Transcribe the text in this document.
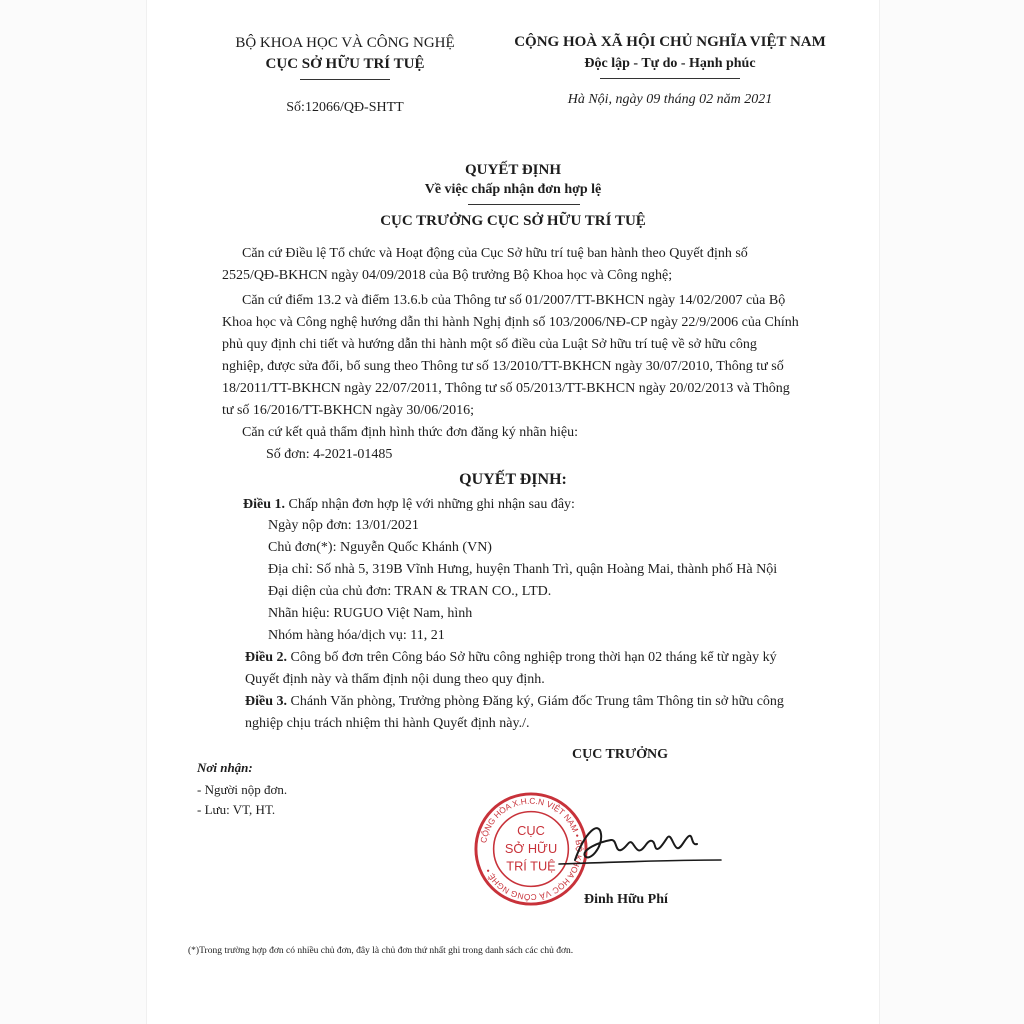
BỘ KHOA HỌC VÀ CÔNG NGHỆ
CỤC SỞ HỮU TRÍ TUỆ
Số:12066/QĐ-SHTT
CỘNG HOÀ XÃ HỘI CHỦ NGHĨA VIỆT NAM
Độc lập - Tự do - Hạnh phúc
Hà Nội, ngày 09 tháng 02 năm 2021
QUYẾT ĐỊNH
Về việc chấp nhận đơn hợp lệ
CỤC TRƯỞNG CỤC SỞ HỮU TRÍ TUỆ
Căn cứ Điều lệ Tổ chức và Hoạt động của Cục Sở hữu trí tuệ ban hành theo Quyết định số
2525/QĐ-BKHCN ngày 04/09/2018 của Bộ trưởng Bộ Khoa học và Công nghệ;
Căn cứ điểm 13.2 và điểm 13.6.b của Thông tư số 01/2007/TT-BKHCN ngày 14/02/2007 của Bộ
Khoa học và Công nghệ hướng dẫn thi hành Nghị định số 103/2006/NĐ-CP ngày 22/9/2006 của Chính
phủ quy định chi tiết và hướng dẫn thi hành một số điều của Luật Sở hữu trí tuệ về sở hữu công
nghiệp, được sửa đổi, bổ sung theo Thông tư số 13/2010/TT-BKHCN ngày 30/07/2010, Thông tư số
18/2011/TT-BKHCN ngày 22/07/2011, Thông tư số 05/2013/TT-BKHCN ngày 20/02/2013 và Thông
tư số 16/2016/TT-BKHCN ngày 30/06/2016;
Căn cứ kết quả thẩm định hình thức đơn đăng ký nhãn hiệu:
Số đơn: 4-2021-01485
QUYẾT ĐỊNH:
Điều 1. Chấp nhận đơn hợp lệ với những ghi nhận sau đây:
Ngày nộp đơn: 13/01/2021
Chủ đơn(*): Nguyễn Quốc Khánh (VN)
Địa chỉ: Số nhà 5, 319B Vĩnh Hưng, huyện Thanh Trì, quận Hoàng Mai, thành phố Hà Nội
Đại diện của chủ đơn: TRAN & TRAN CO., LTD.
Nhãn hiệu: RUGUO Việt Nam, hình
Nhóm hàng hóa/dịch vụ: 11, 21
Điều 2. Công bố đơn trên Công báo Sở hữu công nghiệp trong thời hạn 02 tháng kể từ ngày ký
Quyết định này và thẩm định nội dung theo quy định.
Điều 3. Chánh Văn phòng, Trưởng phòng Đăng ký, Giám đốc Trung tâm Thông tin sở hữu công
nghiệp chịu trách nhiệm thi hành Quyết định này./.
Nơi nhận:
- Người nộp đơn.
- Lưu: VT, HT.
CỤC TRƯỞNG
CỘNG HÒA X.H.C.N VIỆT NAM • BỘ KHOA HỌC VÀ CÔNG NGHỆ •
CỤC
SỞ HỮU
TRÍ TUỆ
Đinh Hữu Phí
(*)Trong trường hợp đơn có nhiều chủ đơn, đây là chủ đơn thứ nhất ghi trong danh sách các chủ đơn.
